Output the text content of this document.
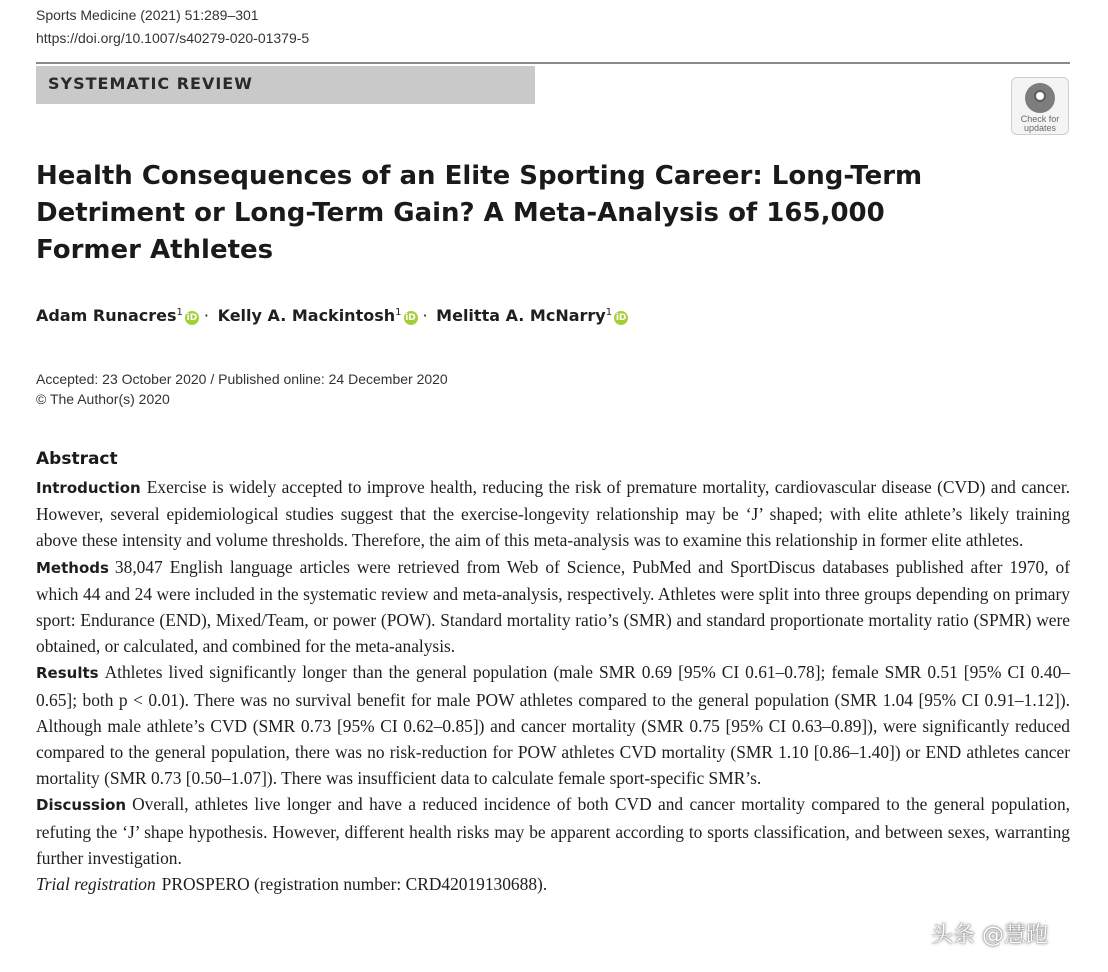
Sports Medicine (2021) 51:289–301
https://doi.org/10.1007/s40279-020-01379-5
SYSTEMATIC REVIEW
Check for updates
Health Consequences of an Elite Sporting Career: Long-Term Detriment or Long-Term Gain? A Meta-Analysis of 165,000 Former Athletes
Adam Runacres$^1$ iD · Kelly A. Mackintosh$^1$ iD · Melitta A. McNarry$^1$ iD
Accepted: 23 October 2020 / Published online: 24 December 2020
© The Author(s) 2020
Abstract

Introduction Exercise is widely accepted to improve health, reducing the risk of premature mortality, cardiovascular disease (CVD) and cancer. However, several epidemiological studies suggest that the exercise-longevity relationship may be ‘J’ shaped; with elite athlete’s likely training above these intensity and volume thresholds. Therefore, the aim of this meta-analysis was to examine this relationship in former elite athletes.

Methods 38,047 English language articles were retrieved from Web of Science, PubMed and SportDiscus databases published after 1970, of which 44 and 24 were included in the systematic review and meta-analysis, respectively. Athletes were split into three groups depending on primary sport: Endurance (END), Mixed/Team, or power (POW). Standard mortality ratio’s (SMR) and standard proportionate mortality ratio (SPMR) were obtained, or calculated, and combined for the meta-analysis.

Results Athletes lived significantly longer than the general population (male SMR 0.69 [95% CI 0.61–0.78]; female SMR 0.51 [95% CI 0.40–0.65]; both p < 0.01). There was no survival benefit for male POW athletes compared to the general population (SMR 1.04 [95% CI 0.91–1.12]). Although male athlete’s CVD (SMR 0.73 [95% CI 0.62–0.85]) and cancer mortality (SMR 0.75 [95% CI 0.63–0.89]), were significantly reduced compared to the general population, there was no risk-reduction for POW athletes CVD mortality (SMR 1.10 [0.86–1.40]) or END athletes cancer mortality (SMR 0.73 [0.50–1.07]). There was insufficient data to calculate female sport-specific SMR’s.

Discussion Overall, athletes live longer and have a reduced incidence of both CVD and cancer mortality compared to the general population, refuting the ‘J’ shape hypothesis. However, different health risks may be apparent according to sports classification, and between sexes, warranting further investigation.

Trial registration PROSPERO (registration number: CRD42019130688).

头条 @慧跑
